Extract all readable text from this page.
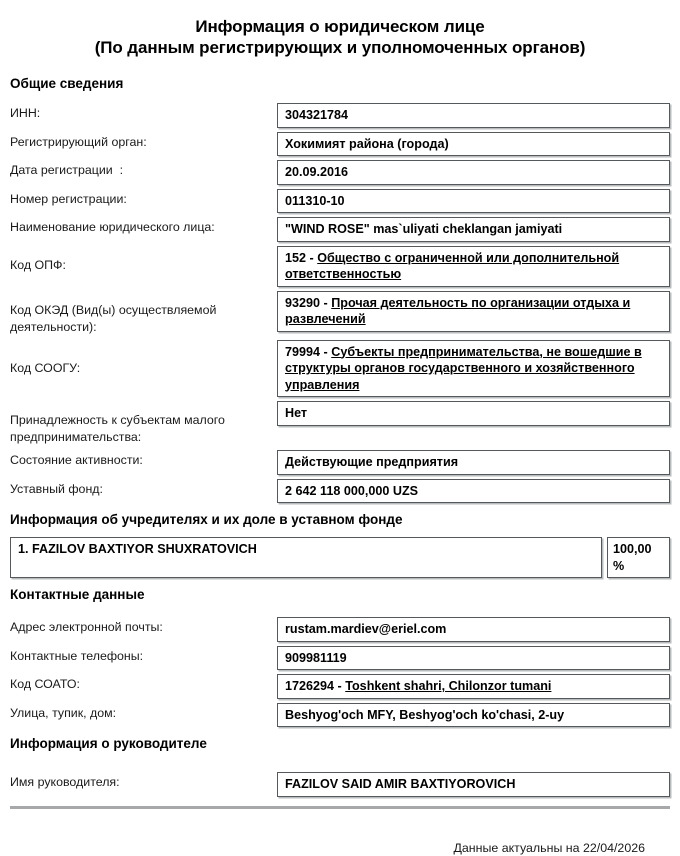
Информация о юридическом лице
(По данным регистрирующих и уполномоченных органов)
Общие сведения
ИНН:	304321784
Регистрирующий орган:	Хокимият района (города)
Дата регистрации  :	20.09.2016
Номер регистрации:	011310-10
Наименование юридического лица:	"WIND ROSE" mas`uliyati cheklangan jamiyati
Код ОПФ:	152 - Общество с ограниченной или дополнительной ответственностью
Код ОКЭД (Вид(ы) осуществляемой деятельности):
93290 - Прочая деятельность по организации отдыха и развлечений
Код СООГУ:
79994 - Субъекты предпринимательства, не вошедшие в структуры органов государственного и хозяйственного управления
Принадлежность к субъектам малого предпринимательства:
Нет
Состояние активности:	Действующие предприятия
Уставный фонд:	2 642 118 000,000 UZS
Информация об учредителях и их доле в уставном фонде
1. FAZILOV BAXTIYOR SHUXRATOVICH	100,00 %
Контактные данные
Адрес электронной почты:	rustam.mardiev@eriel.com
Контактные телефоны:	909981119
Код СОАТО:	1726294 - Toshkent shahri, Chilonzor tumani
Улица, тупик, дом:	Beshyog'och MFY, Beshyog'och ko'chasi, 2-uy
Информация о руководителе
Имя руководителя:	FAZILOV SAID AMIR BAXTIYOROVICH
Данные актуальны на 22/04/2026
